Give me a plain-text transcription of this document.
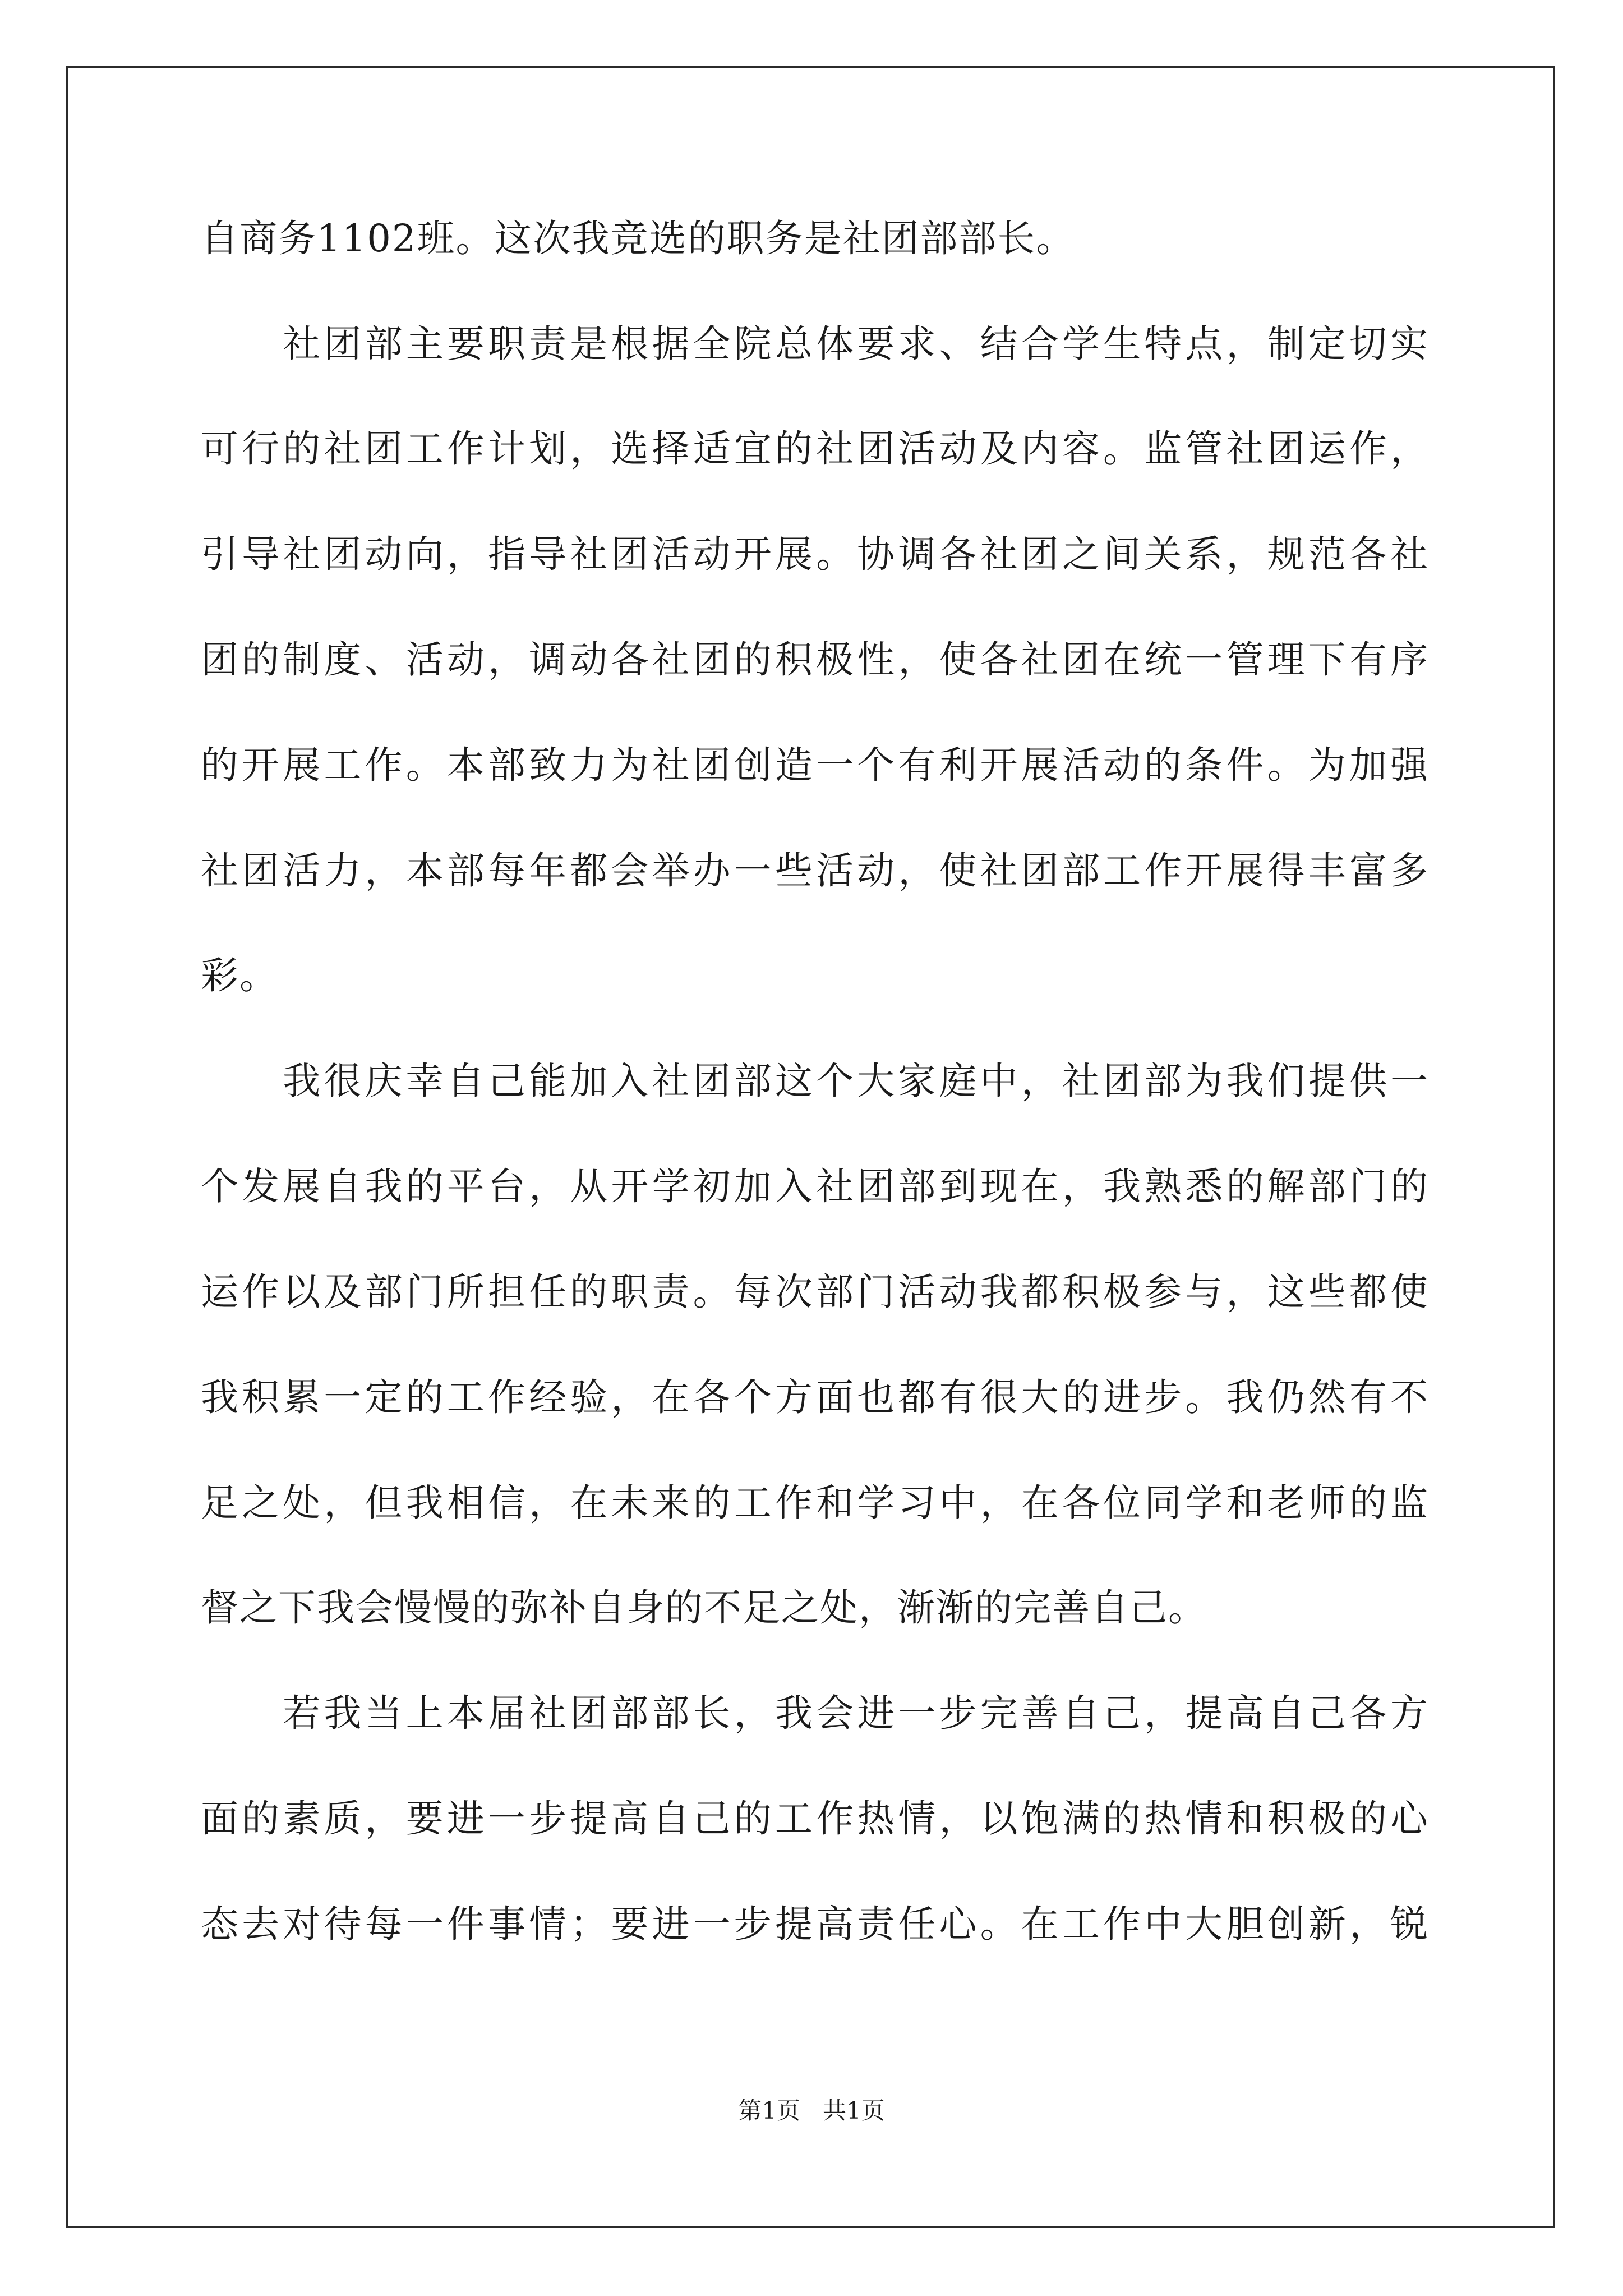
自商务1102班。这次我竞选的职务是社团部部长。
　　社团部主要职责是根据全院总体要求、结合学生特点，制定切实
可行的社团工作计划，选择适宜的社团活动及内容。监管社团运作，
引导社团动向，指导社团活动开展。协调各社团之间关系，规范各社
团的制度、活动，调动各社团的积极性，使各社团在统一管理下有序
的开展工作。本部致力为社团创造一个有利开展活动的条件。为加强
社团活力，本部每年都会举办一些活动，使社团部工作开展得丰富多
彩。
　　我很庆幸自己能加入社团部这个大家庭中，社团部为我们提供一
个发展自我的平台，从开学初加入社团部到现在，我熟悉的解部门的
运作以及部门所担任的职责。每次部门活动我都积极参与，这些都使
我积累一定的工作经验，在各个方面也都有很大的进步。我仍然有不
足之处，但我相信，在未来的工作和学习中，在各位同学和老师的监
督之下我会慢慢的弥补自身的不足之处，渐渐的完善自己。
　　若我当上本届社团部部长，我会进一步完善自己，提高自己各方
面的素质，要进一步提高自己的工作热情，以饱满的热情和积极的心
态去对待每一件事情；要进一步提高责任心。在工作中大胆创新，锐
第1页 共1页
